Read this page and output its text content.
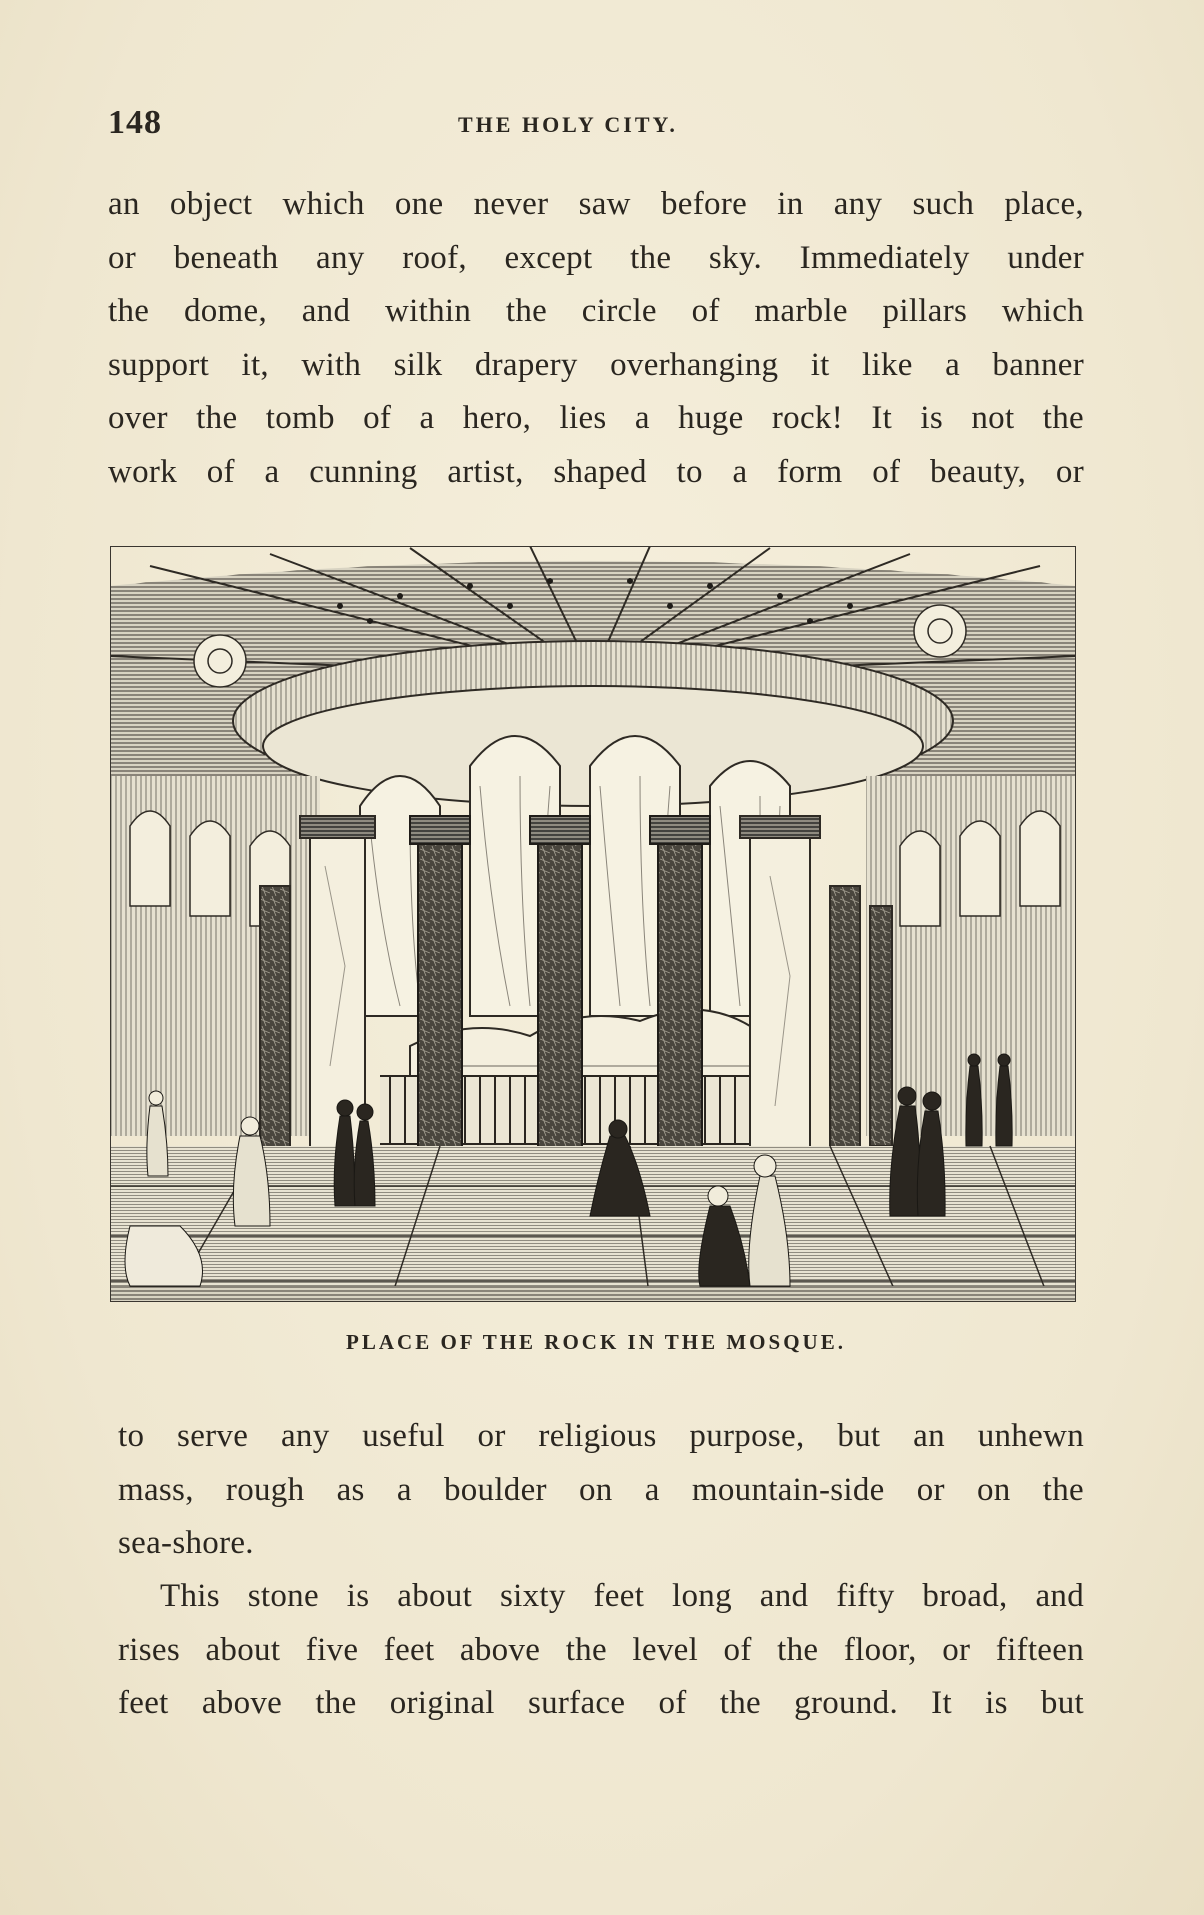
148	THE HOLY CITY.
an object which one never saw before in any such place,
or beneath any roof, except the sky. Immediately under
the dome, and within the circle of marble pillars which
support it, with silk drapery overhanging it like a banner
over the tomb of a hero, lies a huge rock! It is not the
work of a cunning artist, shaped to a form of beauty, or
PLACE OF THE ROCK IN THE MOSQUE.
to serve any useful or religious purpose, but an unhewn
mass, rough as a boulder on a mountain-side or on the
sea-shore.
This stone is about sixty feet long and fifty broad, and
rises about five feet above the level of the floor, or fifteen
feet above the original surface of the ground. It is but
